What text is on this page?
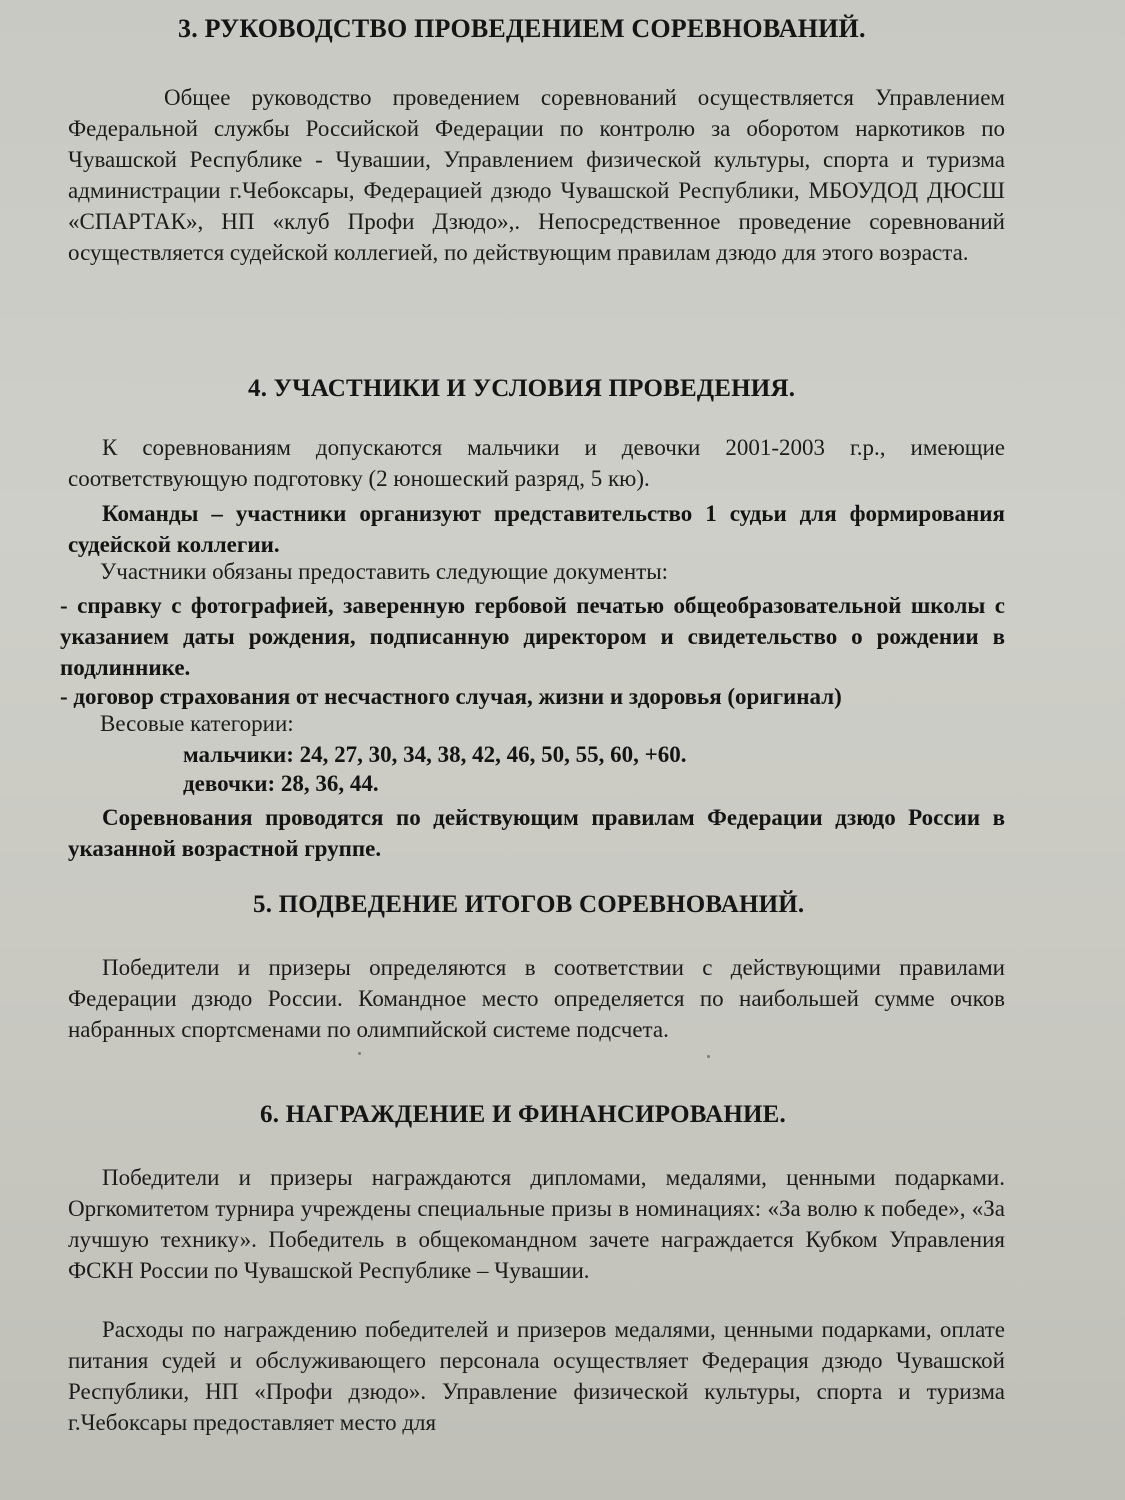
3. РУКОВОДСТВО ПРОВЕДЕНИЕМ СОРЕВНОВАНИЙ.
Общее руководство проведением соревнований осуществляется Управлением Федеральной службы Российской Федерации по контролю за оборотом наркотиков по Чувашской Республике - Чувашии, Управлением физической культуры, спорта и туризма администрации г.Чебоксары, Федерацией дзюдо Чувашской Республики, МБОУДОД ДЮСШ «СПАРТАК», НП «клуб Профи Дзюдо»,. Непосредственное проведение соревнований осуществляется судейской коллегией, по действующим правилам дзюдо для этого возраста.
4. УЧАСТНИКИ И УСЛОВИЯ ПРОВЕДЕНИЯ.
К соревнованиям допускаются мальчики и девочки 2001-2003 г.р., имеющие соответствующую подготовку (2 юношеский разряд, 5 кю).
Команды – участники организуют представительство 1 судьи для формирования судейской коллегии.
Участники обязаны предоставить следующие документы:
- справку с фотографией, заверенную гербовой печатью общеобразовательной школы с указанием даты рождения, подписанную директором и свидетельство о рождении в подлиннике.
- договор страхования от несчастного случая, жизни и здоровья (оригинал)
Весовые категории:
мальчики: 24, 27, 30, 34, 38, 42, 46, 50, 55, 60, +60.
девочки: 28, 36, 44.
Соревнования проводятся по действующим правилам Федерации дзюдо России в указанной возрастной группе.
5. ПОДВЕДЕНИЕ ИТОГОВ СОРЕВНОВАНИЙ.
Победители и призеры определяются в соответствии с действующими правилами Федерации дзюдо России. Командное место определяется по наибольшей сумме очков набранных спортсменами по олимпийской системе подсчета.
6. НАГРАЖДЕНИЕ И ФИНАНСИРОВАНИЕ.
Победители и призеры награждаются дипломами, медалями, ценными подарками. Оргкомитетом турнира учреждены специальные призы в номинациях: «За волю к победе», «За лучшую технику». Победитель в общекомандном зачете награждается Кубком Управления ФСКН России по Чувашской Республике – Чувашии.
Расходы по награждению победителей и призеров медалями, ценными подарками, оплате питания судей и обслуживающего персонала осуществляет Федерация дзюдо Чувашской Республики, НП «Профи дзюдо». Управление физической культуры, спорта и туризма г.Чебоксары предоставляет место для
